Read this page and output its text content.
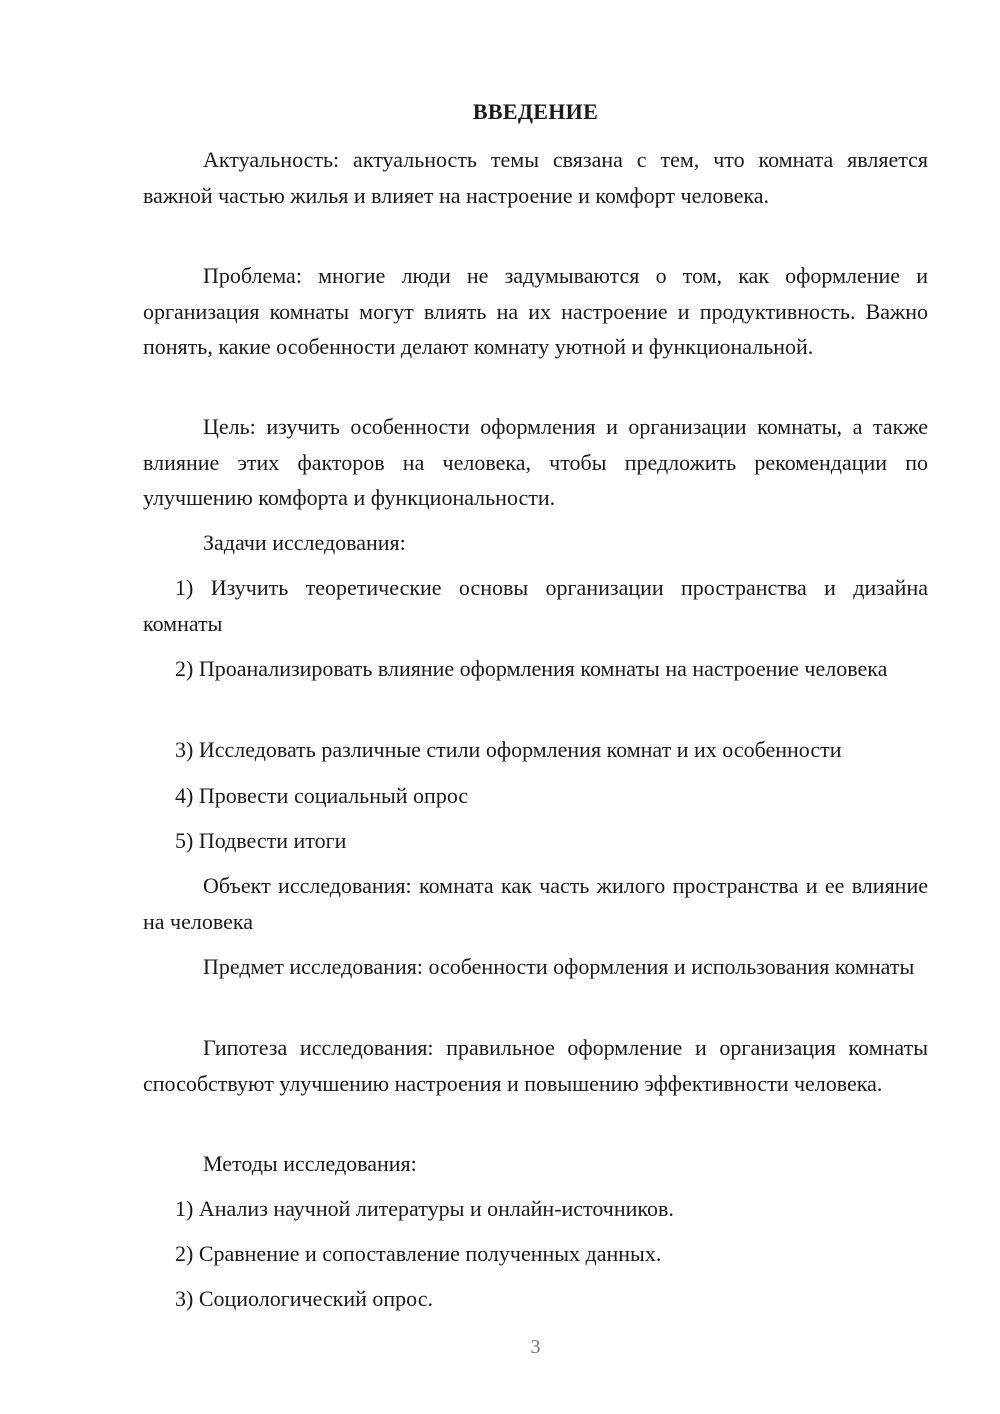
ВВЕДЕНИЕ

Актуальность: актуальность темы связана с тем, что комната является важной частью жилья и влияет на настроение и комфорт человека.

Проблема: многие люди не задумываются о том, как оформление и организация комнаты могут влиять на их настроение и продуктивность. Важно понять, какие особенности делают комнату уютной и функциональной.

Цель: изучить особенности оформления и организации комнаты, а также влияние этих факторов на человека, чтобы предложить рекомендации по улучшению комфорта и функциональности.

Задачи исследования:

1) Изучить теоретические основы организации пространства и дизайна комнаты

2) Проанализировать влияние оформления комнаты на настроение человека

3) Исследовать различные стили оформления комнат и их особенности

4) Провести социальный опрос

5) Подвести итоги

Объект исследования: комната как часть жилого пространства и ее влияние на человека

Предмет исследования: особенности оформления и использования комнаты

Гипотеза исследования: правильное оформление и организация комнаты способствуют улучшению настроения и повышению эффективности человека.

Методы исследования:

1) Анализ научной литературы и онлайн-источников.

2) Сравнение и сопоставление полученных данных.

3) Социологический опрос.

3
